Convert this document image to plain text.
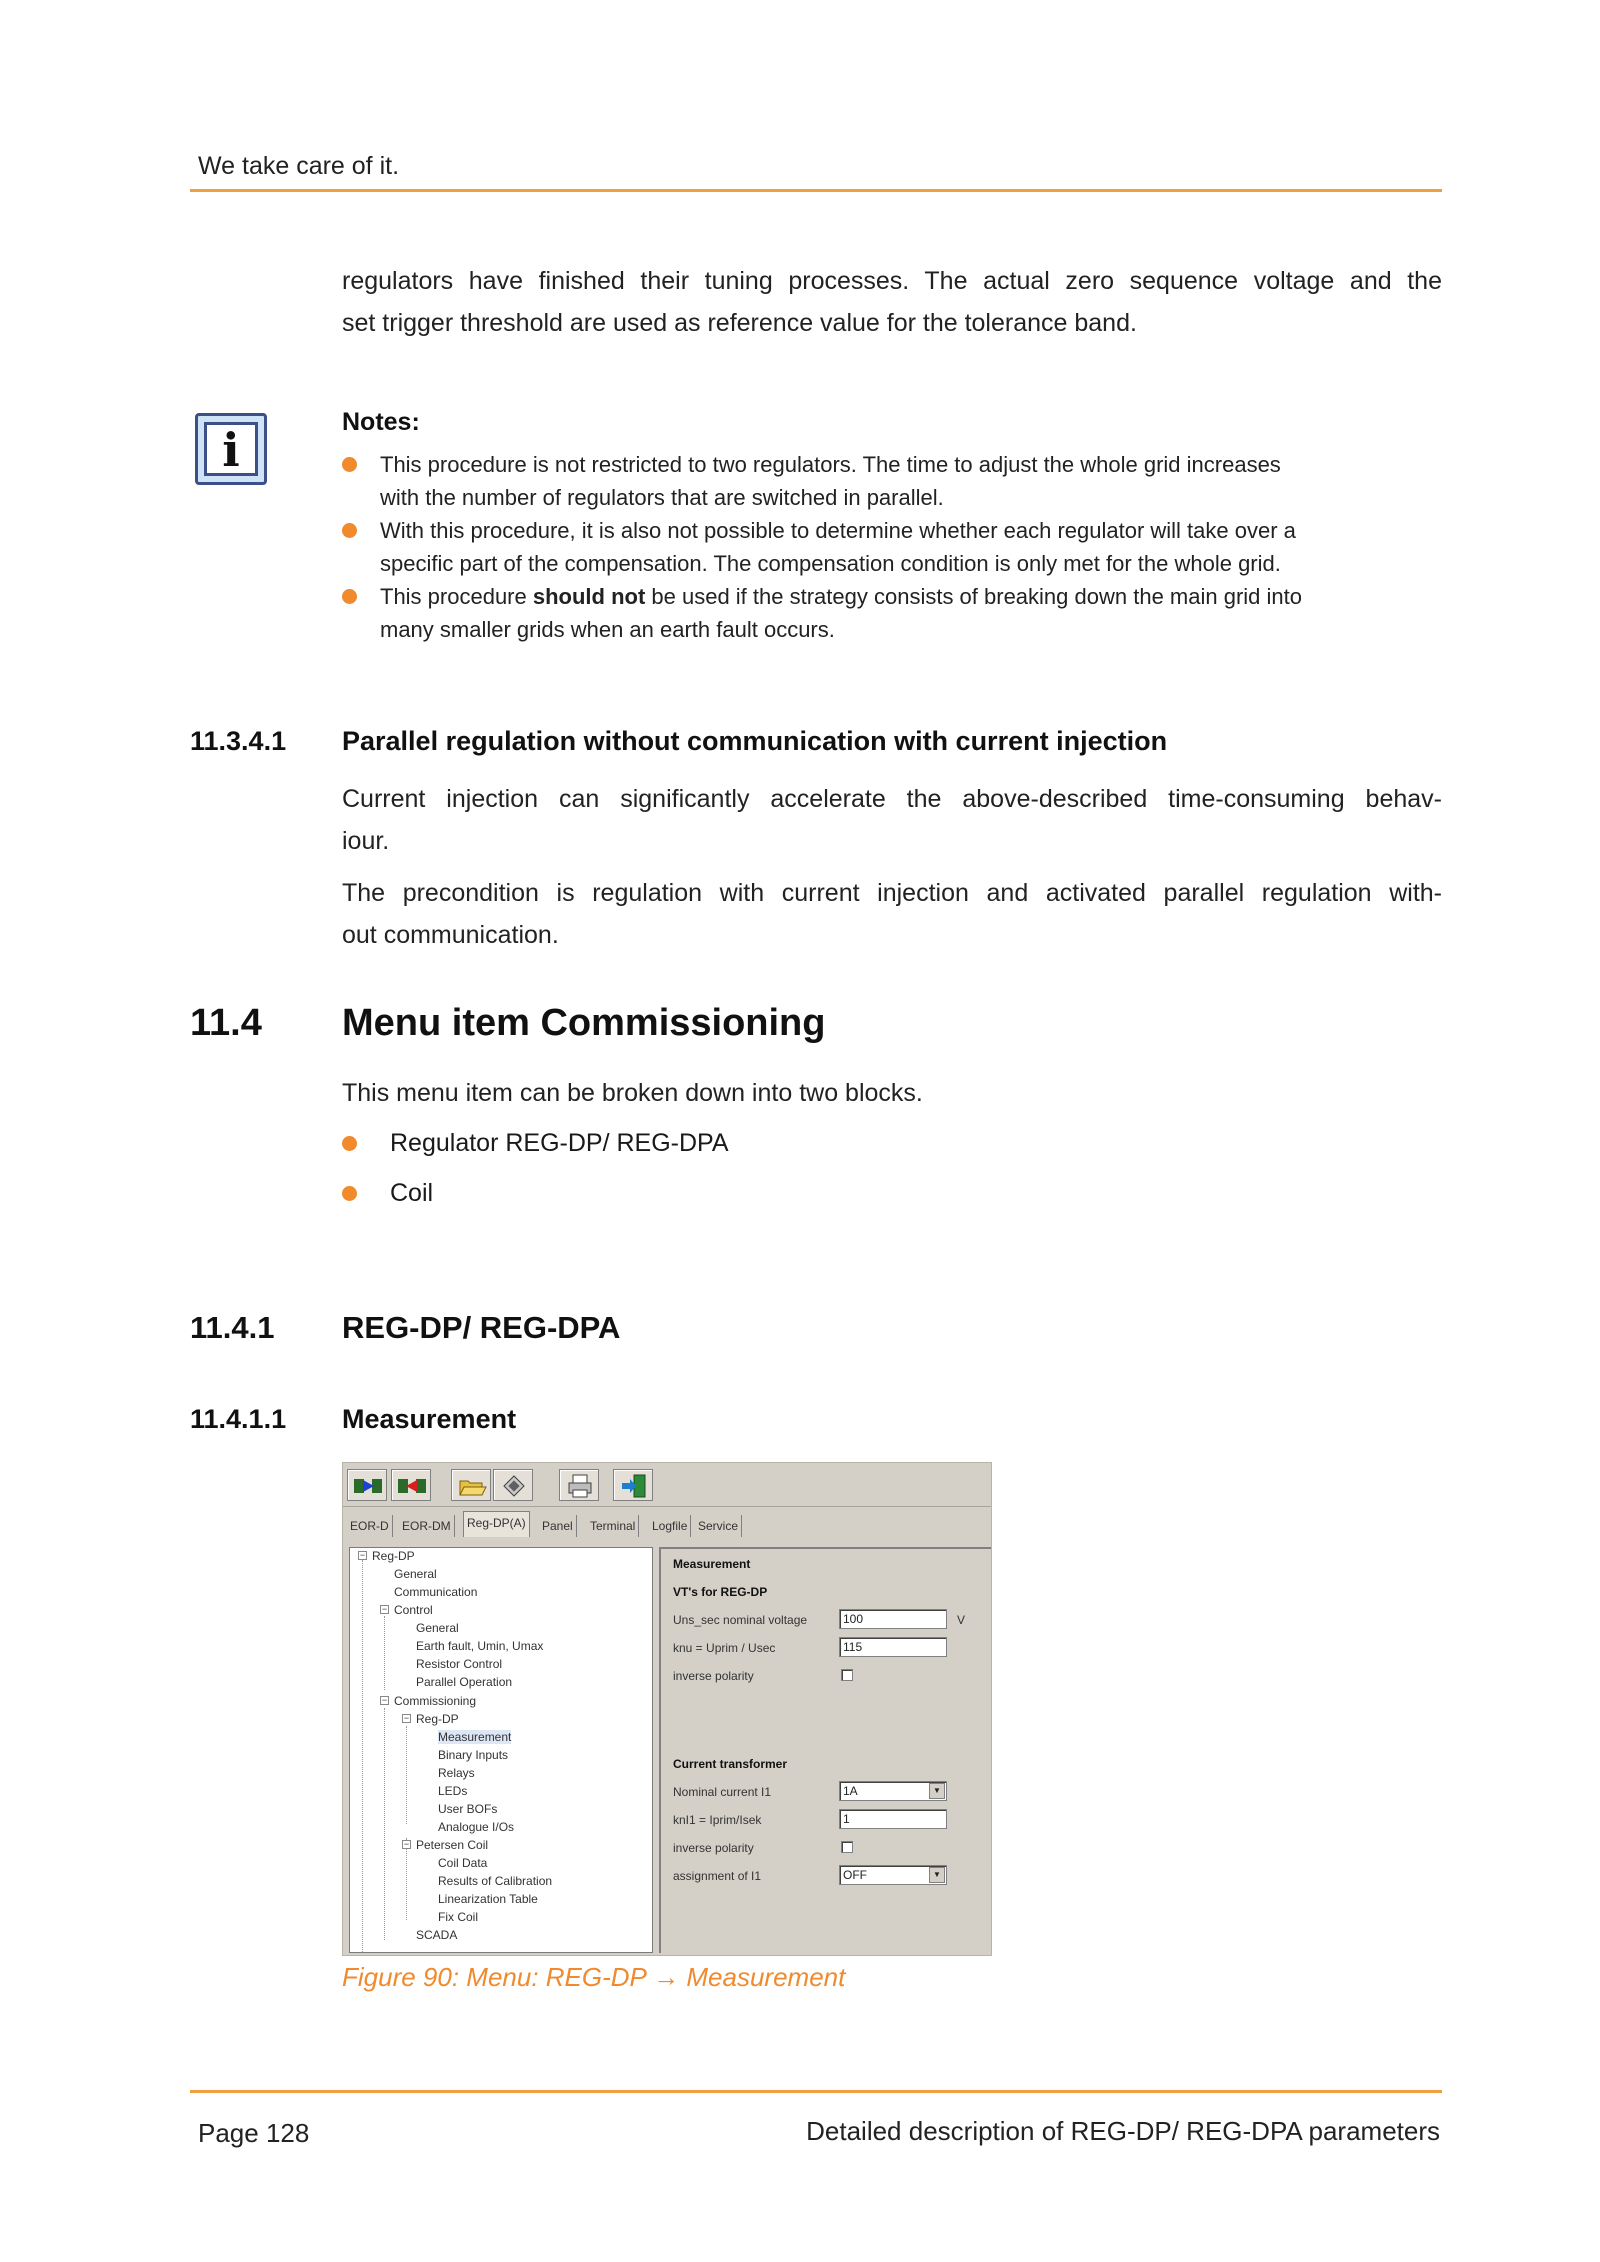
We take care of it.
regulators have finished their tuning processes. The actual zero sequence voltage and the
set trigger threshold are used as reference value for the tolerance band.
i
Notes:
This procedure is not restricted to two regulators. The time to adjust the whole grid increases
with the number of regulators that are switched in parallel.
With this procedure, it is also not possible to determine whether each regulator will take over a
specific part of the compensation. The compensation condition is only met for the whole grid.
This procedure should not be used if the strategy consists of breaking down the main grid into
many smaller grids when an earth fault occurs.
11.3.4.1 Parallel regulation without communication with current injection
Current injection can significantly accelerate the above-described time-consuming behav-
iour.
The precondition is regulation with current injection and activated parallel regulation with-
out communication.
11.4 Menu item Commissioning
This menu item can be broken down into two blocks.
Regulator REG-DP/ REG-DPA
Coil
11.4.1 REG-DP/ REG-DPA
11.4.1.1 Measurement
EOR-D	EOR-DM	Reg-DP(A)	Panel	Terminal	Logfile Service
− Reg-DP
General
Communication
− Control
General
Earth fault, Umin, Umax
Resistor Control
Parallel Operation
− Commissioning
− Reg-DP
Measurement
Binary Inputs
Relays
LEDs
User BOFs
Analogue I/Os
− Petersen Coil
Coil Data
Results of Calibration
Linearization Table
Fix Coil
SCADA
Measurement
VT's for REG-DP
Uns_sec nominal voltage	100	V
knu = Uprim / Usec	115
inverse polarity
Current transformer
Nominal current I1	1A	▼
knI1 = Iprim/Isek	1
inverse polarity
assignment of I1	OFF	▼
Figure 90: Menu: REG-DP → Measurement
Page 128	Detailed description of REG-DP/ REG-DPA parameters
